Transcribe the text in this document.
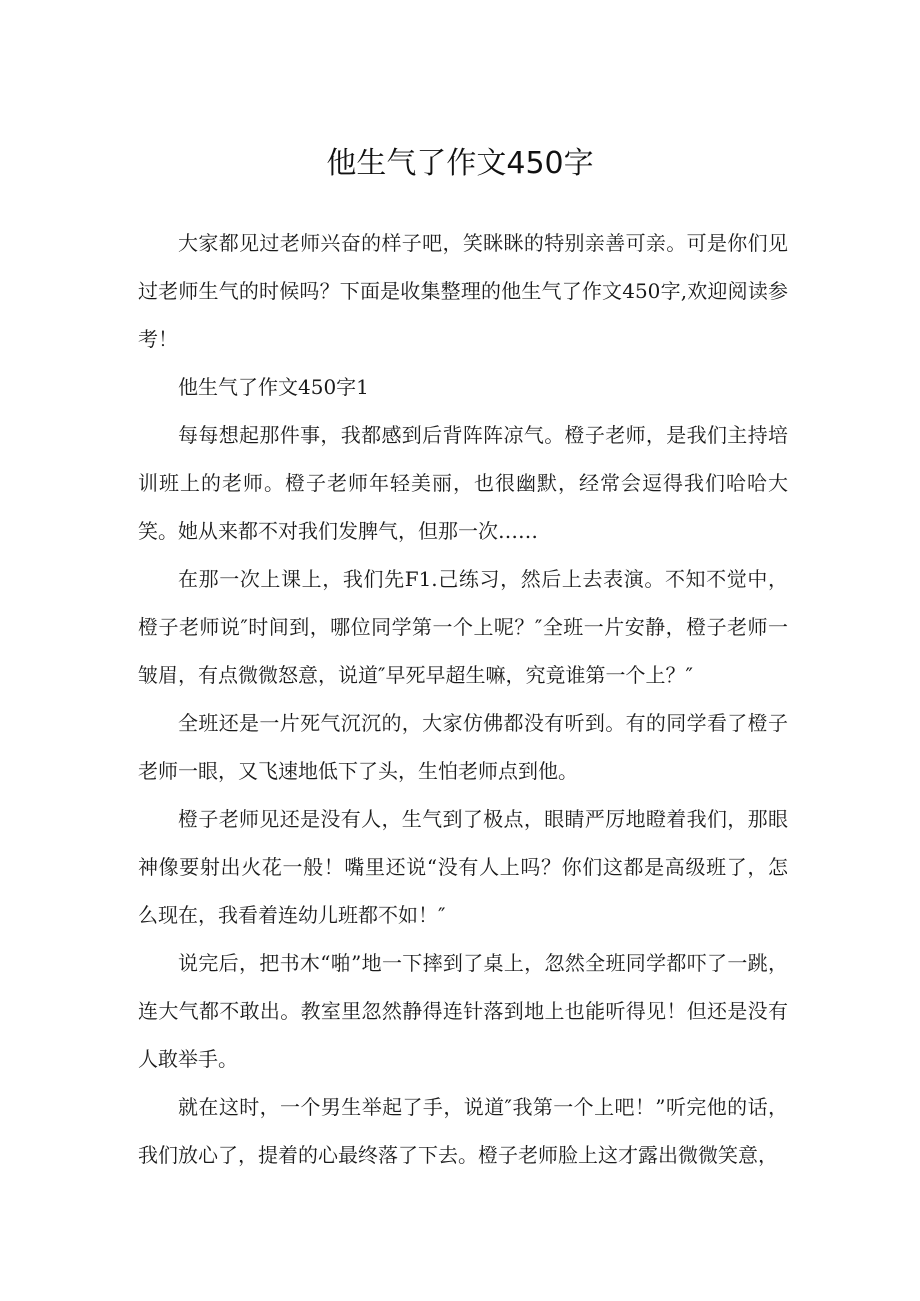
他生气了作文450字

大家都见过老师兴奋的样子吧，笑眯眯的特别亲善可亲。可是你们见过老师生气的时候吗？下面是收集整理的他生气了作文450字,欢迎阅读参考！

他生气了作文450字1

每每想起那件事，我都感到后背阵阵凉气。橙子老师，是我们主持培训班上的老师。橙子老师年轻美丽，也很幽默，经常会逗得我们哈哈大笑。她从来都不对我们发脾气，但那一次……

在那一次上课上，我们先F1.己练习，然后上去表演。不知不觉中，橙子老师说″时间到，哪位同学第一个上呢？″全班一片安静，橙子老师一皱眉，有点微微怒意，说道″早死早超生嘛，究竟谁第一个上？″

全班还是一片死气沉沉的，大家仿佛都没有听到。有的同学看了橙子老师一眼，又飞速地低下了头，生怕老师点到他。

橙子老师见还是没有人，生气到了极点，眼睛严厉地瞪着我们，那眼神像要射出火花一般！嘴里还说“没有人上吗？你们这都是高级班了，怎么现在，我看着连幼儿班都不如！″

说完后，把书木“啪”地一下摔到了桌上，忽然全班同学都吓了一跳，连大气都不敢出。教室里忽然静得连针落到地上也能听得见！但还是没有人敢举手。

就在这时，一个男生举起了手，说道″我第一个上吧！”听完他的话，我们放心了，提着的心最终落了下去。橙子老师脸上这才露出微微笑意，
